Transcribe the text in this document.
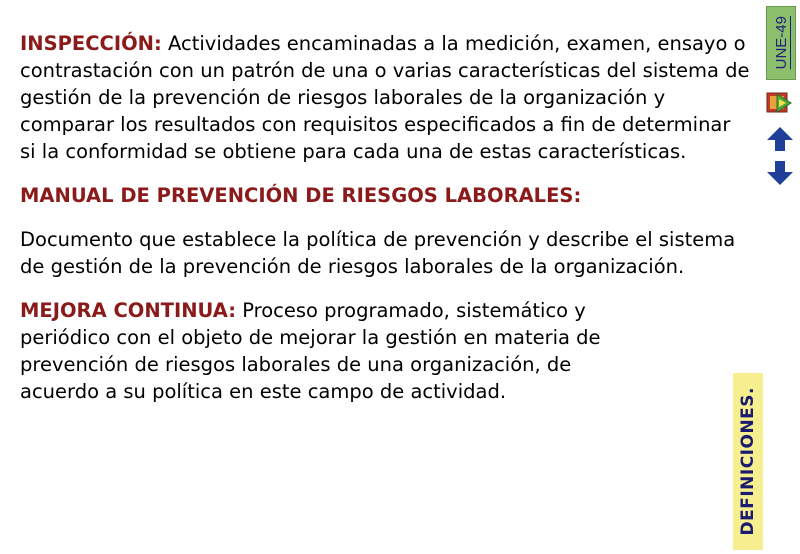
INSPECCIÓN: Actividades encaminadas a la medición, examen, ensayo o contrastación con un patrón de una o varias características del sistema de gestión de la prevención de riesgos laborales de la organización y comparar los resultados con requisitos especificados a fin de determinar si la conformidad se obtiene para cada una de estas características.

MANUAL DE PREVENCIÓN DE RIESGOS LABORALES:

Documento que establece la política de prevención y describe el sistema de gestión de la prevención de riesgos laborales de la organización.

MEJORA CONTINUA: Proceso programado, sistemático y periódico con el objeto de mejorar la gestión en materia de prevención de riesgos laborales de una organización, de acuerdo a su política en este campo de actividad.

UNE-49
DEFINICIONES.
